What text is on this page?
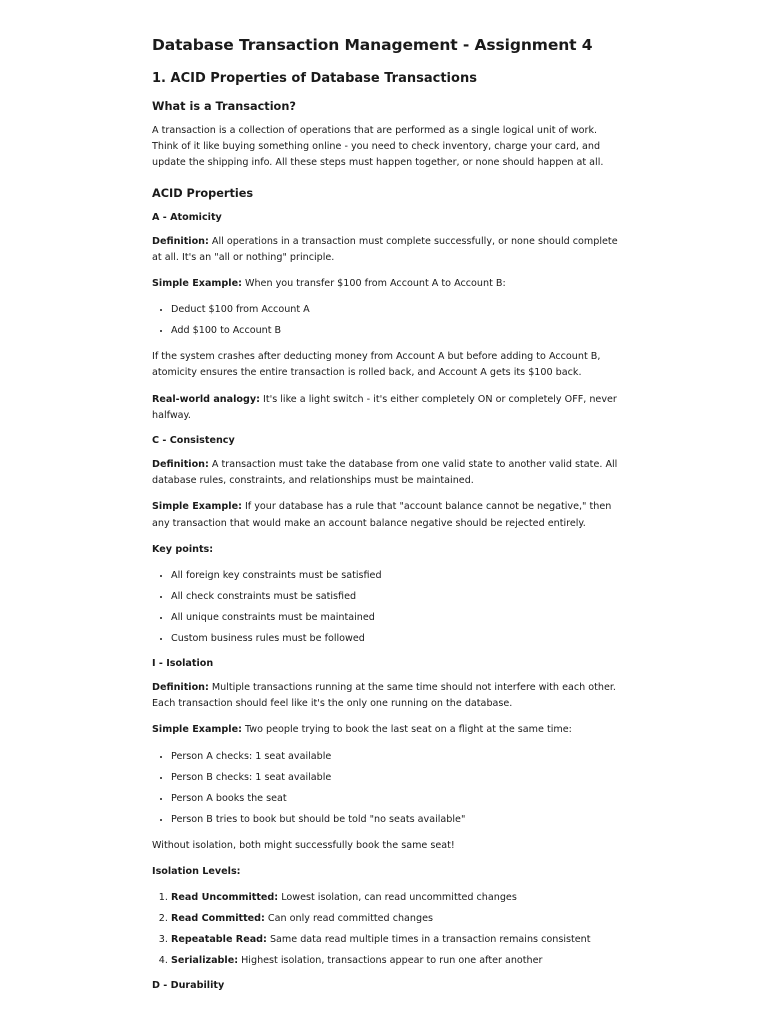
Database Transaction Management - Assignment 4
1. ACID Properties of Database Transactions
What is a Transaction?

A transaction is a collection of operations that are performed as a single logical unit of work. Think of it like buying something online - you need to check inventory, charge your card, and update the shipping info. All these steps must happen together, or none should happen at all.

ACID Properties
A - Atomicity

Definition: All operations in a transaction must complete successfully, or none should complete at all. It's an "all or nothing" principle.

Simple Example: When you transfer $100 from Account A to Account B:

• Deduct $100 from Account A
• Add $100 to Account B

If the system crashes after deducting money from Account A but before adding to Account B, atomicity ensures the entire transaction is rolled back, and Account A gets its $100 back.

Real-world analogy: It's like a light switch - it's either completely ON or completely OFF, never halfway.

C - Consistency

Definition: A transaction must take the database from one valid state to another valid state. All database rules, constraints, and relationships must be maintained.

Simple Example: If your database has a rule that "account balance cannot be negative," then any transaction that would make an account balance negative should be rejected entirely.

Key points:

• All foreign key constraints must be satisfied
• All check constraints must be satisfied
• All unique constraints must be maintained
• Custom business rules must be followed
I - Isolation

Definition: Multiple transactions running at the same time should not interfere with each other. Each transaction should feel like it's the only one running on the database.

Simple Example: Two people trying to book the last seat on a flight at the same time:

• Person A checks: 1 seat available
• Person B checks: 1 seat available
• Person A books the seat
• Person B tries to book but should be told "no seats available"

Without isolation, both might successfully book the same seat!

Isolation Levels:

1. Read Uncommitted: Lowest isolation, can read uncommitted changes
2. Read Committed: Can only read committed changes
3. Repeatable Read: Same data read multiple times in a transaction remains consistent
4. Serializable: Highest isolation, transactions appear to run one after another
D - Durability
